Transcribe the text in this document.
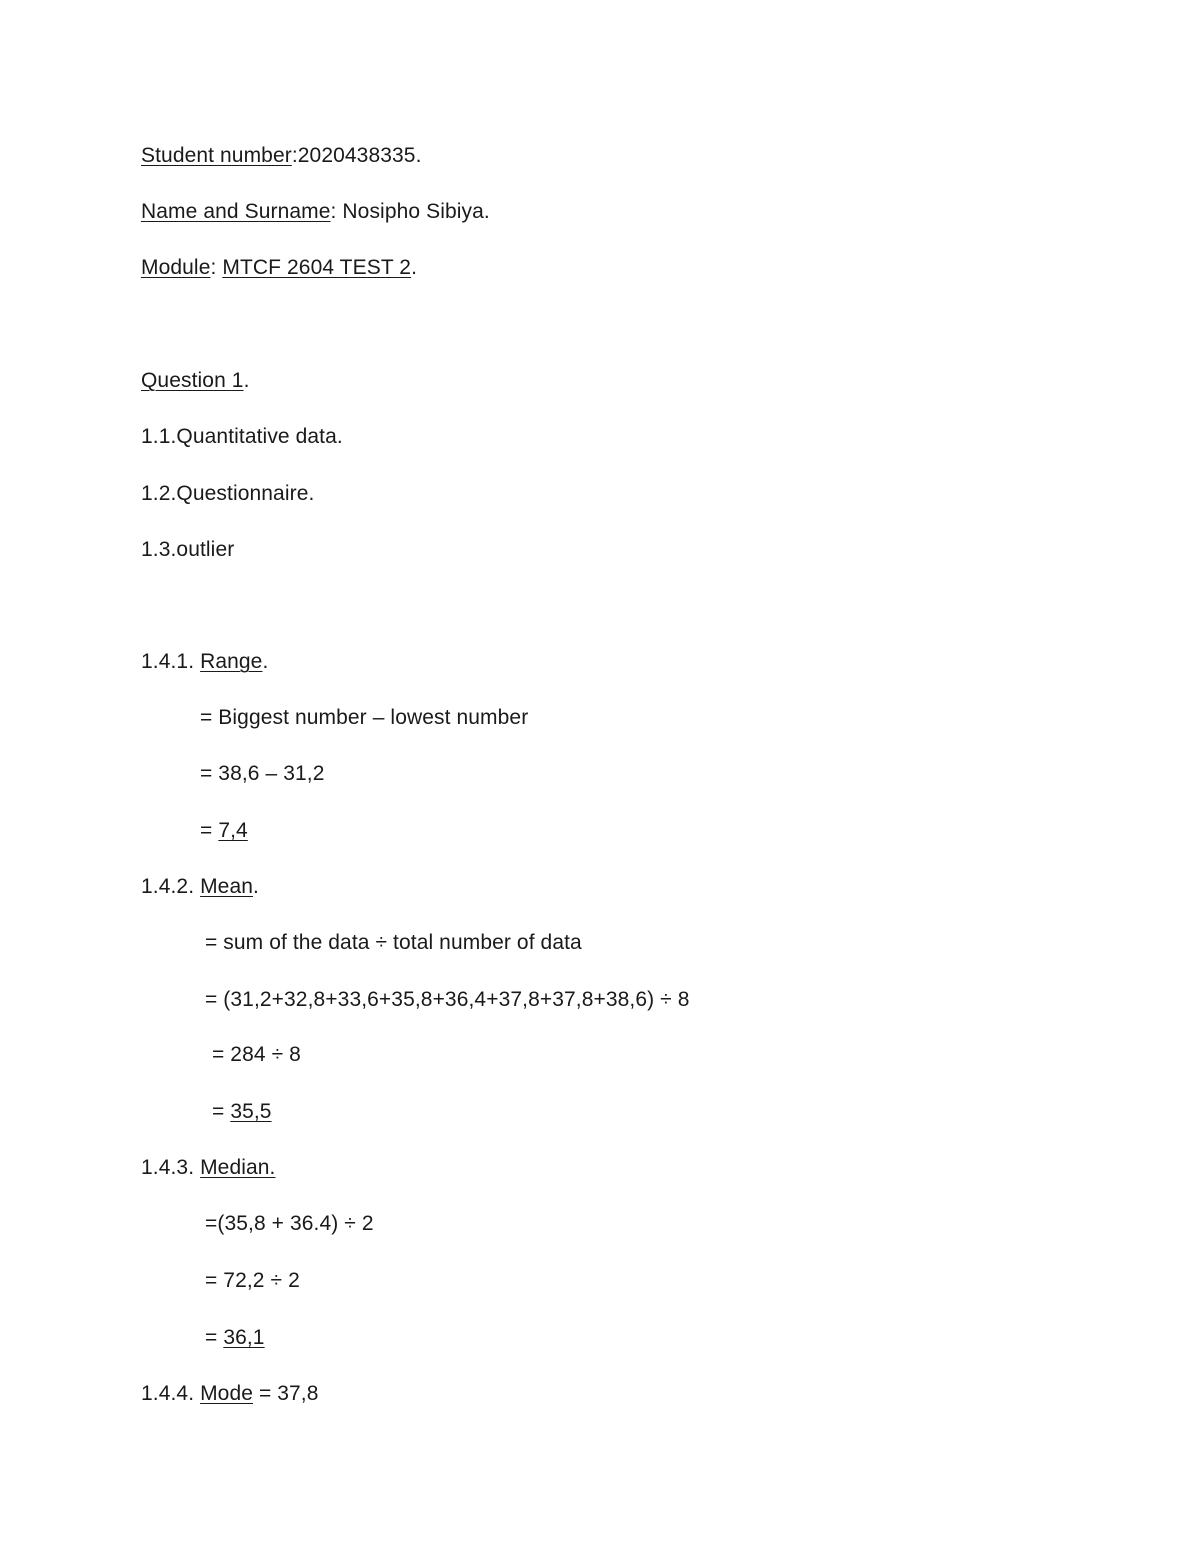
Student number:2020438335.
Name and Surname: Nosipho Sibiya.
Module: MTCF 2604 TEST 2.
Question 1.
1.1.Quantitative data.
1.2.Questionnaire.
1.3.outlier
1.4.1. Range.
= Biggest number – lowest number
= 38,6 – 31,2
= 7,4
1.4.2. Mean.
= sum of the data ÷ total number of data
= (31,2+32,8+33,6+35,8+36,4+37,8+37,8+38,6) ÷ 8
= 284 ÷ 8
= 35,5
1.4.3. Median.
=(35,8 + 36.4) ÷ 2
= 72,2 ÷ 2
= 36,1
1.4.4. Mode = 37,8
